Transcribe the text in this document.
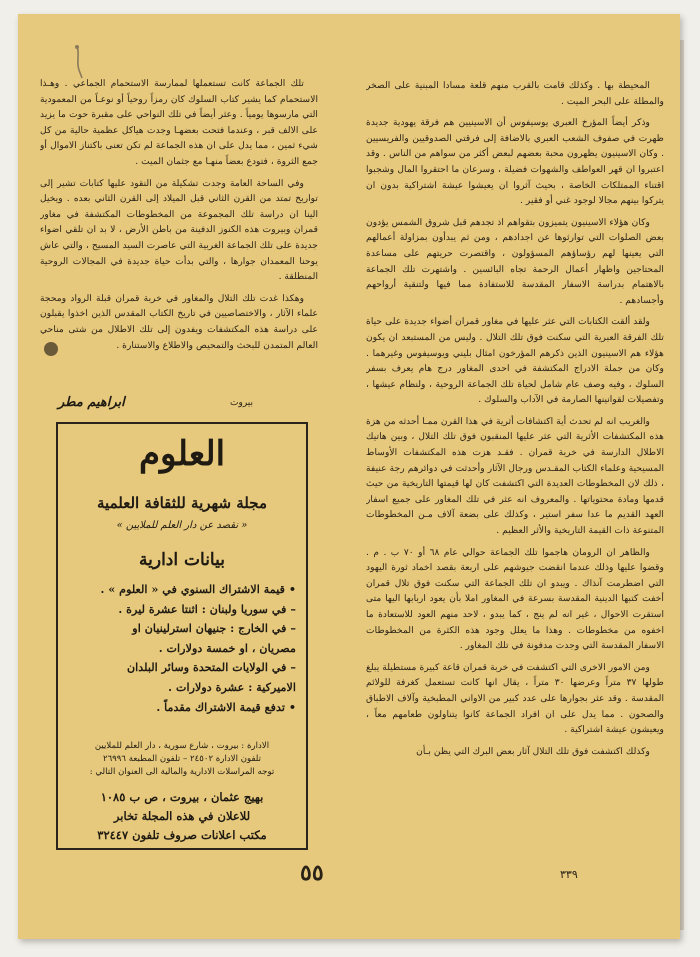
المحيطة بها . وكذلك قامت بالقرب منهم قلعة مسادا المبنية على الصخر والمطلة على البحر الميت .

وذكر أيضاً المؤرخ العبري يوسيفوس أن الاسينيين هم فرقة يهودية جديدة ظهرت في صفوف الشعب العبري بالاضافة إلى فرقتي الصدوقيين والفريسيين . وكان الاسينيون يظهرون محبة بعضهم لبعض أكثر من سواهم من الناس . وقد اعتبروا ان قهر العواطف والشهوات فضيلة ، وسرعان ما احتقروا المال وشجبوا اقتناء الممتلكات الخاصة ، بحيث آثروا ان يعيشوا عيشة اشتراكية بدون ان يتركوا بينهم مجالا لوجود غني أو فقير .

وكان هؤلاء الاسينيون يتميزون بتقواهم اذ تجدهم قبل شروق الشمس يؤدون بعض الصلوات التي توارثوها عن اجدادهم ، ومن ثم يبدأون بمزاولة أعمالهم التي يعينها لهم رؤساؤهم المسؤولون ، واقتصرت حريتهم على مساعدة المحتاجين واظهار أعمال الرحمة تجاه البائسين . واشتهرت تلك الجماعة بالاهتمام بدراسة الاسفار المقدسة للاستفادة مما فيها ولتنقية أرواحهم وأجسادهم .

ولقد ألقت الكتابات التي عثر عليها في مغاور قمران أضواء جديدة على حياة تلك الفرقة العبرية التي سكنت فوق تلك التلال . وليس من المستبعد ان يكون هؤلاء هم الاسينيون الذين ذكرهم المؤرخون امثال بليني ويوسيفوس وغيرهما . وكان من جملة الادراج المكتشفة في احدى المغاور درج هام يعرف بسفر السلوك ، وفيه وصف عام شامل لحياة تلك الجماعة الروحية ، ولنظام عيشها ، وتفصيلات لقوانينها الصارمة في الآداب والسلوك .

والغريب انه لم تحدث أية اكتشافات أثرية في هذا القرن ممـا أحدثه من هزة هذه المكتشفات الأثرية التي عثر عليها المنقبون فوق تلك التلال ، وبين هاتيك الاطلال الدارسة في خربة قمران . فقـد هزت هذه المكتشفات الأوساط المسيحية وعلماء الكتاب المقـدس ورجال الآثار وأحدثت في دوائرهم رجة عنيفة ، ذلك لان المخطوطات العديدة التي اكتشفت كان لها قيمتها التاريخية من حيث قدمها ومادة محتوياتها . والمعروف انه عثر في تلك المغاور على جميع اسفار العهد القديم ما عدا سفر استير ، وكذلك على بضعة آلاف مـن المخطوطات المتنوعة ذات القيمة التاريخية والأثر العظيم .

والظاهر ان الرومان هاجموا تلك الجماعة حوالي عام ٦٨ أو ٧٠ ب . م . وقضوا عليها وذلك عندما انقضت جيوشهم على اربعة بقصد اخماد ثورة اليهود التي اضطرمت آنذاك . ويبدو ان تلك الجماعة التي سكنت فوق تلال قمران أخفت كتبها الدينية المقدسة بسرعة في المغاور املا بأن يعود اربابها اليها متى استقرت الاحوال ، غير انه لم ينج ، كما يبدو ، لاحد منهم العود للاستعادة ما اخفوه من مخطوطات . وهذا ما يعلل وجود هذه الكثرة من المخطوطات الاسفار المقدسة التي وجدت مدفونة في تلك المغاور .

ومن الامور الاخرى التي اكتشفت في خربة قمران قاعة كبيرة مستطيلة يبلغ طولها ٣٧ متراً وعرضها ٣٠ متراً ، يقال انها كانت تستعمل كغرفة للولائم المقدسة . وقد عثر بجوارها على عدد كبير من الاواني المطبخية وآلاف الاطباق والصحون . مما يدل على ان افراد الجماعة كانوا يتناولون طعامهم معاً ، ويعيشون عيشة اشتراكية .

وكذلك اكتشفت فوق تلك التلال آثار بعض البرك التي يظن بـأن

تلك الجماعة كانت تستعملها لممارسة الاستحمام الجماعي . وهـذا الاستحمام كما يشير كتاب السلوك كان رمزاً روحياً أو نوعـاً من المعمودية التي مارسوها يومياً . وعثر أيضاً في تلك النواحي على مقبرة حوت ما يزيد على الالف قبر ، وعندما فتحت بعضهـا وجدت هياكل عظمية حالية من كل شيء ثمين ، مما يدل على ان هذه الجماعة لم تكن تعنى باكتناز الاموال أو جمع الثروة ، فتودع بعضاً منهـا مع جثمان الميت .

وفي الساحة العامة وجدت تشكيلة من النقود عليها كتابات تشير إلى تواريخ تمتد من القرن الثاني قبل الميلاد إلى القرن الثاني بعده . ويخيل الينا ان دراسة تلك المجموعة من المخطوطات المكتشفة في مغاور قمران وبيروت هذه الكنوز الدفينة من باطن الأرض ، لا بد ان تلقي اضواء جديدة على تلك الجماعة الغربية التي عاصرت السيد المسيح ، والتي عاش يوحنا المعمدان جوارها ، والتي بدأت حياة جديدة في المجالات الروحية المنطلقة .

وهكذا غدت تلك التلال والمغاور في خربة قمران قبلة الرواد ومحجة علماء الآثار ، والاختصاصيين في تاريخ الكتاب المقدس الذين اخذوا يقبلون على دراسة هذه المكتشفات ويفدون إلى تلك الاطلال من شتى مناحي العالم المتمدن للبحث والتمحيص والاطلاع والاستنارة .

بيروت
ابراهيم مطر
العلوم
مجلة شهرية للثقافة العلمية
« نقصد عن دار العلم للملايين »
بيانات ادارية
• قيمة الاشتراك السنوي في « العلوم » .
– في سوريا ولبنان : اثنتا عشرة ليرة .
– في الخارج : جنيهان استرلينيان او
مصريان ، او خمسة دولارات .
– في الولايات المتحدة وسائر البلدان
الاميركية : عشرة دولارات .
• تدفع قيمة الاشتراك مقدماً .
الادارة : بيروت ، شارع سورية ، دار العلم للملايين
تلفون الادارة ٢٤٥٠٢ – تلفون المطبعة ٢٦٩٩٦
توجه المراسلات الادارية والمالية الى العنوان التالي :
بهيج عثمان ، بيروت ، ص ب ١٠٨٥
للاعلان في هذه المجلة تخابر
مكتب اعلانات صروف تلفون ٣٢٤٤٧
٥٥	٣٣٩
